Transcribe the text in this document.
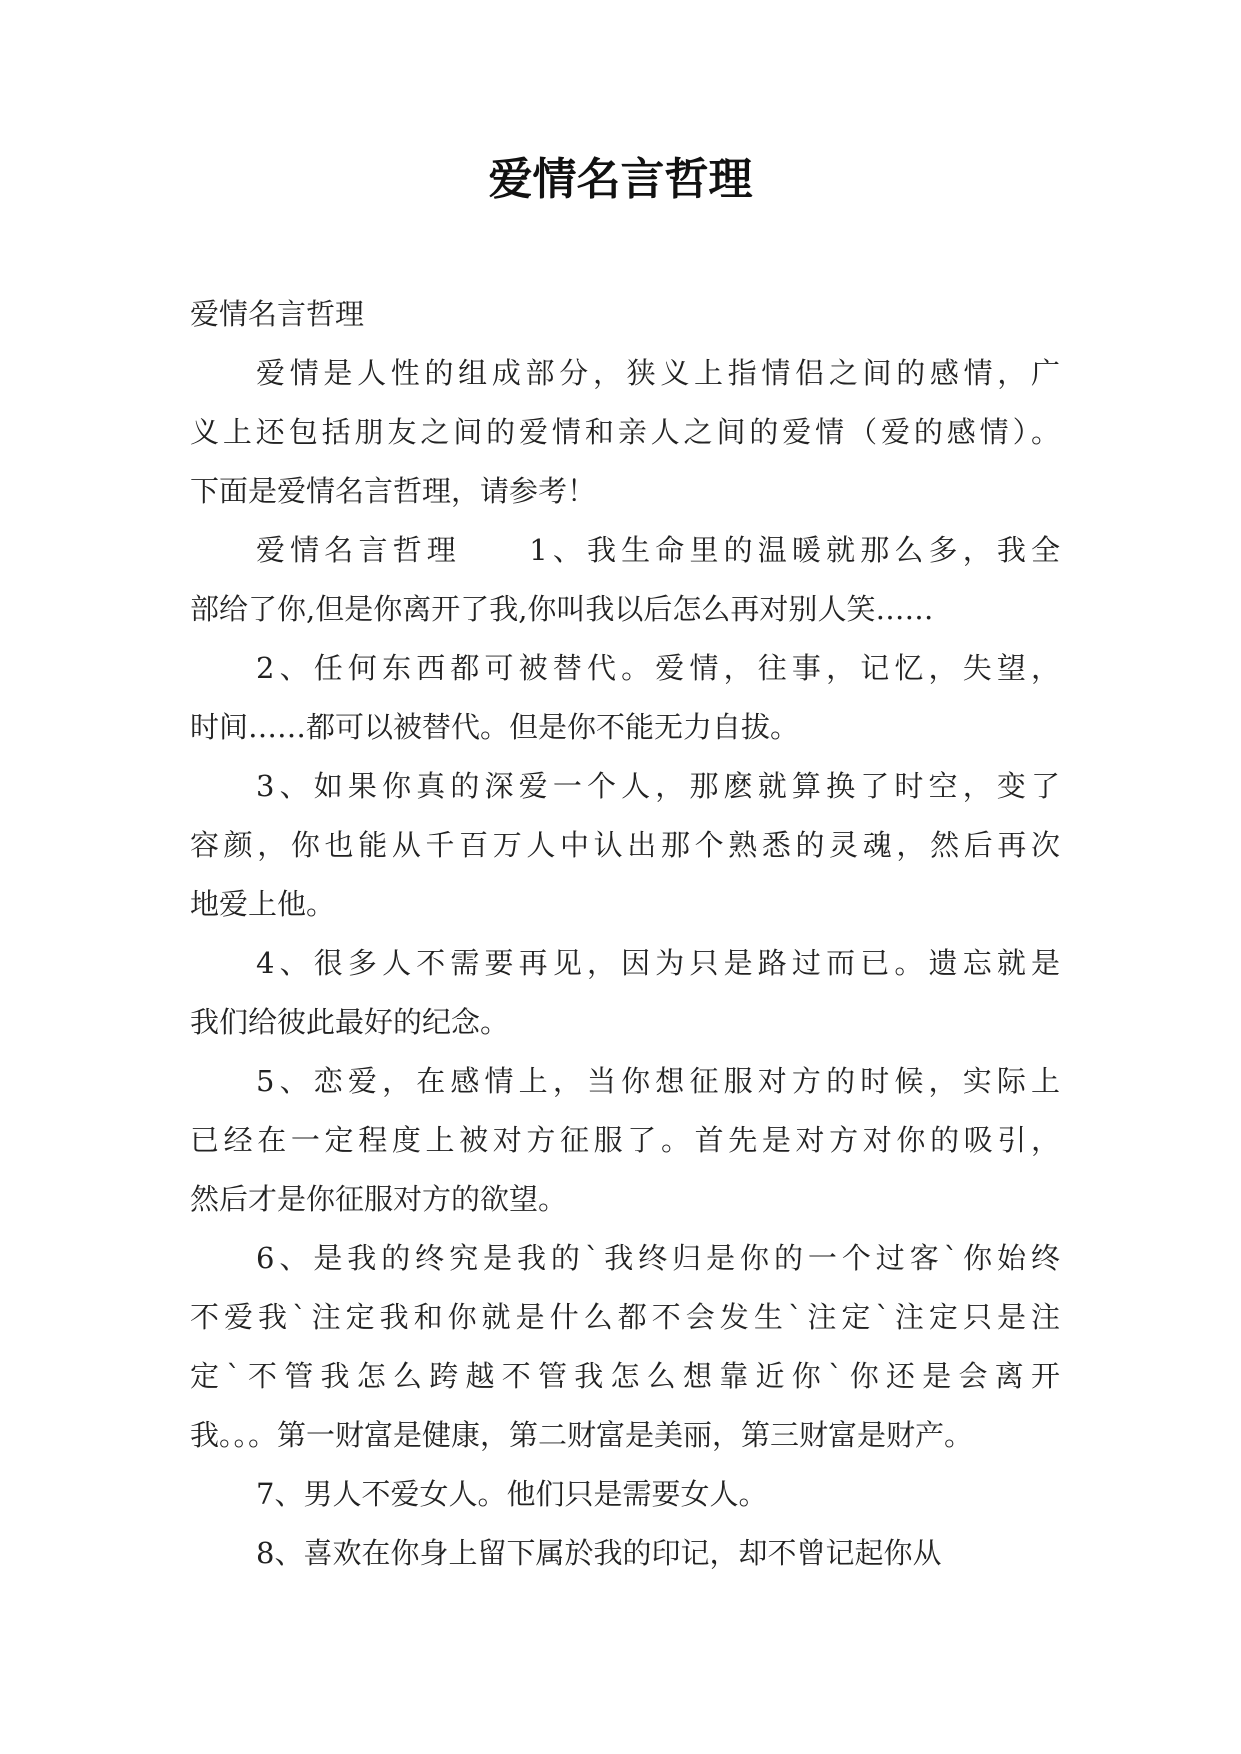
爱情名言哲理

爱情名言哲理

爱情是人性的组成部分，狭义上指情侣之间的感情，广
义上还包括朋友之间的爱情和亲人之间的爱情（爱的感情）。
下面是爱情名言哲理，请参考！
爱情名言哲理　　1、我生命里的温暖就那么多，我全
部给了你,但是你离开了我,你叫我以后怎么再对别人笑……
2、任何东西都可被替代。爱情，往事，记忆，失望，
时间……都可以被替代。但是你不能无力自拔。
3、如果你真的深爱一个人，那麽就算换了时空，变了
容颜，你也能从千百万人中认出那个熟悉的灵魂，然后再次
地爱上他。
4、很多人不需要再见，因为只是路过而已。遗忘就是
我们给彼此最好的纪念。
5、恋爱，在感情上，当你想征服对方的时候，实际上
已经在一定程度上被对方征服了。首先是对方对你的吸引，
然后才是你征服对方的欲望。
6、是我的终究是我的`我终归是你的一个过客`你始终
不爱我`注定我和你就是什么都不会发生`注定`注定只是注
定`不管我怎么跨越不管我怎么想靠近你`你还是会离开
我。。。第一财富是健康，第二财富是美丽，第三财富是财产。
7、男人不爱女人。他们只是需要女人。
8、喜欢在你身上留下属於我的印记，却不曾记起你从
